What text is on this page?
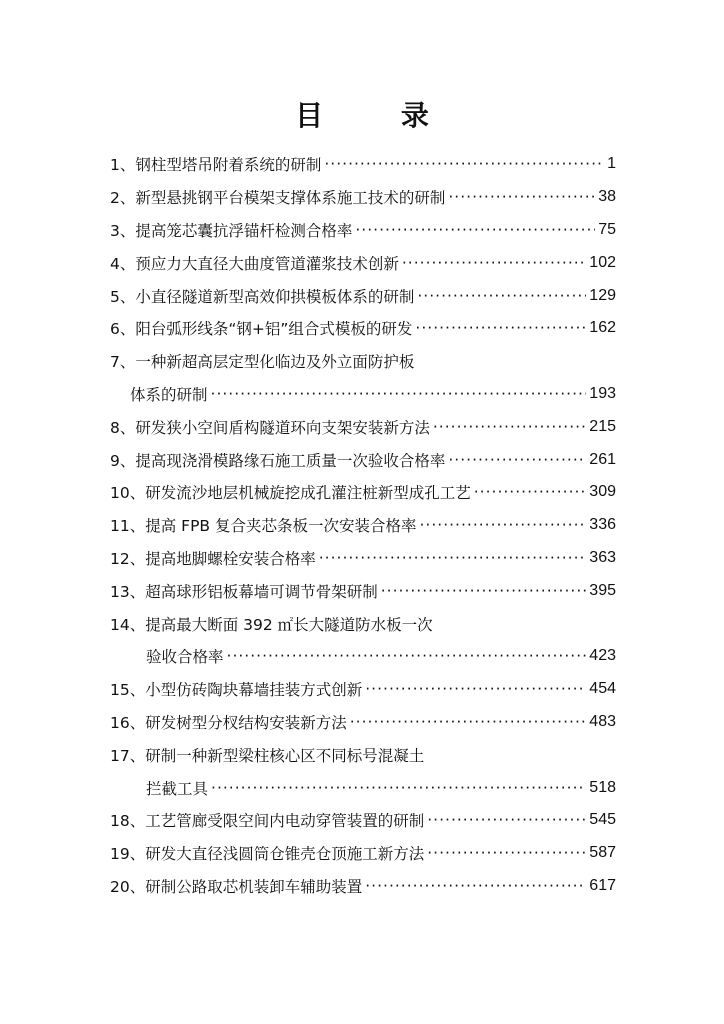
目 录
1、钢柱型塔吊附着系统的研制 ·····	1
2、新型悬挑钢平台模架支撑体系施工技术的研制 ·····	38
3、提高笼芯囊抗浮锚杆检测合格率 ·····	75
4、预应力大直径大曲度管道灌浆技术创新 ·····	102
5、小直径隧道新型高效仰拱模板体系的研制 ·····	129
6、阳台弧形线条“钢+铝”组合式模板的研发 ·····	162
7、一种新超高层定型化临边及外立面防护板
体系的研制 ·····	193
8、研发狭小空间盾构隧道环向支架安装新方法 ·····	215
9、提高现浇滑模路缘石施工质量一次验收合格率 ·····	261
10、研发流沙地层机械旋挖成孔灌注桩新型成孔工艺 ·····	309
11、提高 FPB 复合夹芯条板一次安装合格率 ·····	336
12、提高地脚螺栓安装合格率 ·····	363
13、超高球形铝板幕墙可调节骨架研制 ·····	395
14、提高最大断面 392 ㎡长大隧道防水板一次
验收合格率 ·····	423
15、小型仿砖陶块幕墙挂装方式创新 ·····	454
16、研发树型分杈结构安装新方法 ·····	483
17、研制一种新型梁柱核心区不同标号混凝土
拦截工具 ·····	518
18、工艺管廊受限空间内电动穿管装置的研制 ·····	545
19、研发大直径浅圆筒仓锥壳仓顶施工新方法 ·····	587
20、研制公路取芯机装卸车辅助装置 ·····	617
